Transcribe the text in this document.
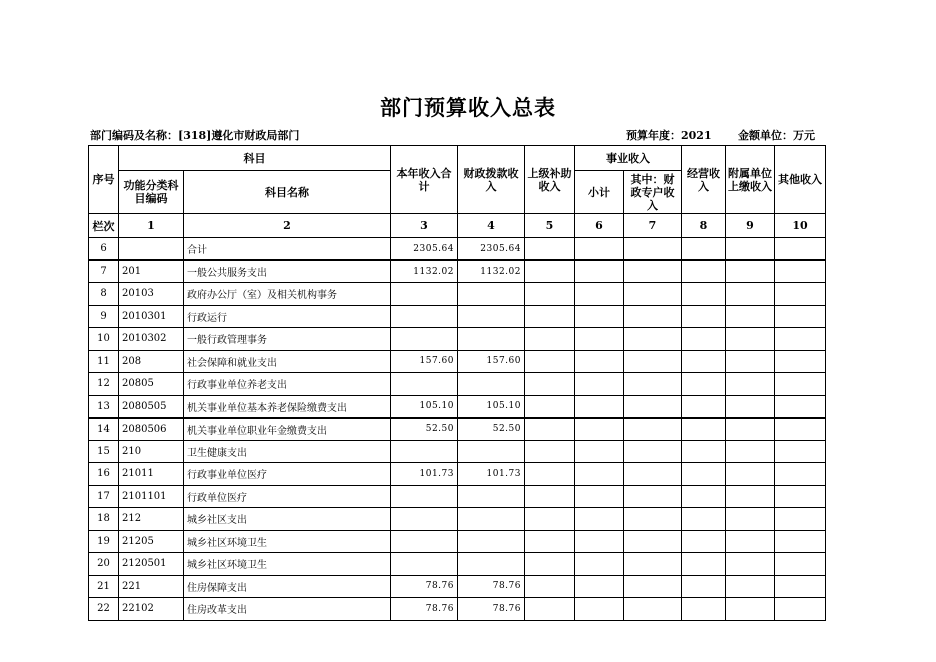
部门预算收入总表
部门编码及名称：[318]遵化市财政局部门	预算年度：2021 金额单位：万元
序号	科目		本年收入合计	财政拨款收入	上级补助收入	事业收入		经营收入	附属单位上缴收入	其他收入
	功能分类科目编码	科目名称				小计	其中：财政专户收入			
栏次	1	2	3	4	5	6	7	8	9	10
6		合计	2305.64	2305.64						
7	201	一般公共服务支出	1132.02	1132.02						
8	20103	政府办公厅（室）及相关机构事务								
9	2010301	行政运行								
10	2010302	一般行政管理事务								
11	208	社会保障和就业支出	157.60	157.60						
12	20805	行政事业单位养老支出								
13	2080505	机关事业单位基本养老保险缴费支出	105.10	105.10						
14	2080506	机关事业单位职业年金缴费支出	52.50	52.50						
15	210	卫生健康支出								
16	21011	行政事业单位医疗	101.73	101.73						
17	2101101	行政单位医疗								
18	212	城乡社区支出								
19	21205	城乡社区环境卫生								
20	2120501	城乡社区环境卫生								
21	221	住房保障支出	78.76	78.76						
22	22102	住房改革支出	78.76	78.76						
